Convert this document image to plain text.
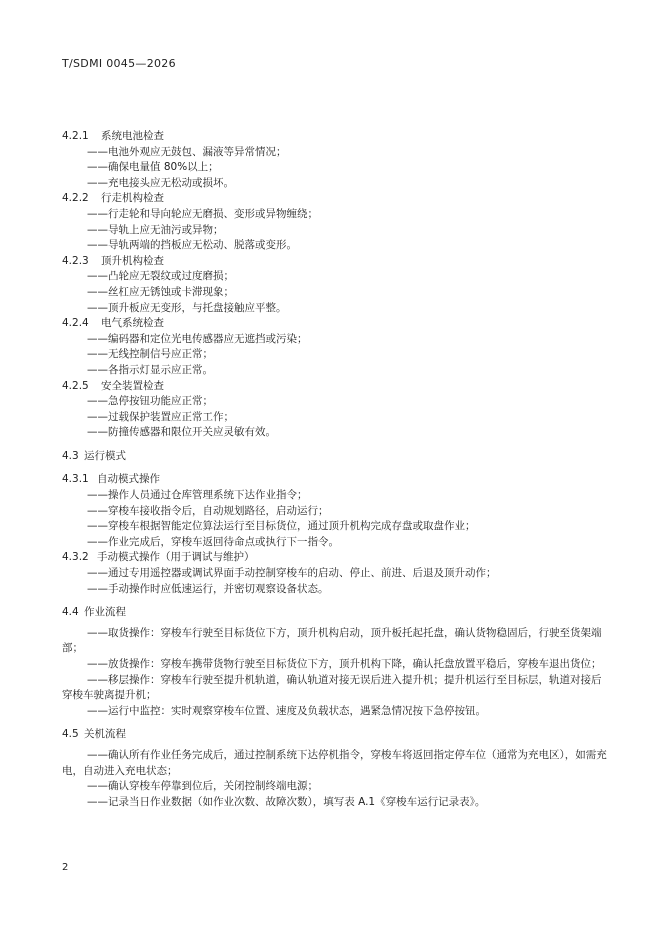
T/SDMI 0045—2026
4.2.1 系统电池检查
——电池外观应无鼓包、漏液等异常情况；
——确保电量值 80%以上；
——充电接头应无松动或损坏。
4.2.2 行走机构检查
——行走轮和导向轮应无磨损、变形或异物缠绕；
——导轨上应无油污或异物；
——导轨两端的挡板应无松动、脱落或变形。
4.2.3 顶升机构检查
——凸轮应无裂纹或过度磨损；
——丝杠应无锈蚀或卡滞现象；
——顶升板应无变形，与托盘接触应平整。
4.2.4 电气系统检查
——编码器和定位光电传感器应无遮挡或污染；
——无线控制信号应正常；
——各指示灯显示应正常。
4.2.5 安全装置检查
——急停按钮功能应正常；
——过载保护装置应正常工作；
——防撞传感器和限位开关应灵敏有效。
4.3 运行模式
4.3.1 自动模式操作
——操作人员通过仓库管理系统下达作业指令；
——穿梭车接收指令后，自动规划路径，启动运行；
——穿梭车根据智能定位算法运行至目标货位，通过顶升机构完成存盘或取盘作业；
——作业完成后，穿梭车返回待命点或执行下一指令。
4.3.2 手动模式操作（用于调试与维护）
——通过专用遥控器或调试界面手动控制穿梭车的启动、停止、前进、后退及顶升动作；
——手动操作时应低速运行，并密切观察设备状态。
4.4 作业流程
——取货操作：穿梭车行驶至目标货位下方，顶升机构启动，顶升板托起托盘，确认货物稳固后，行驶至货架端部；
——放货操作：穿梭车携带货物行驶至目标货位下方，顶升机构下降，确认托盘放置平稳后，穿梭车退出货位；
——移层操作：穿梭车行驶至提升机轨道，确认轨道对接无误后进入提升机；提升机运行至目标层，轨道对接后穿梭车驶离提升机；
——运行中监控：实时观察穿梭车位置、速度及负载状态，遇紧急情况按下急停按钮。
4.5 关机流程
——确认所有作业任务完成后，通过控制系统下达停机指令，穿梭车将返回指定停车位（通常为充电区），如需充电，自动进入充电状态；
——确认穿梭车停靠到位后，关闭控制终端电源；
——记录当日作业数据（如作业次数、故障次数），填写表 A.1《穿梭车运行记录表》。
2
